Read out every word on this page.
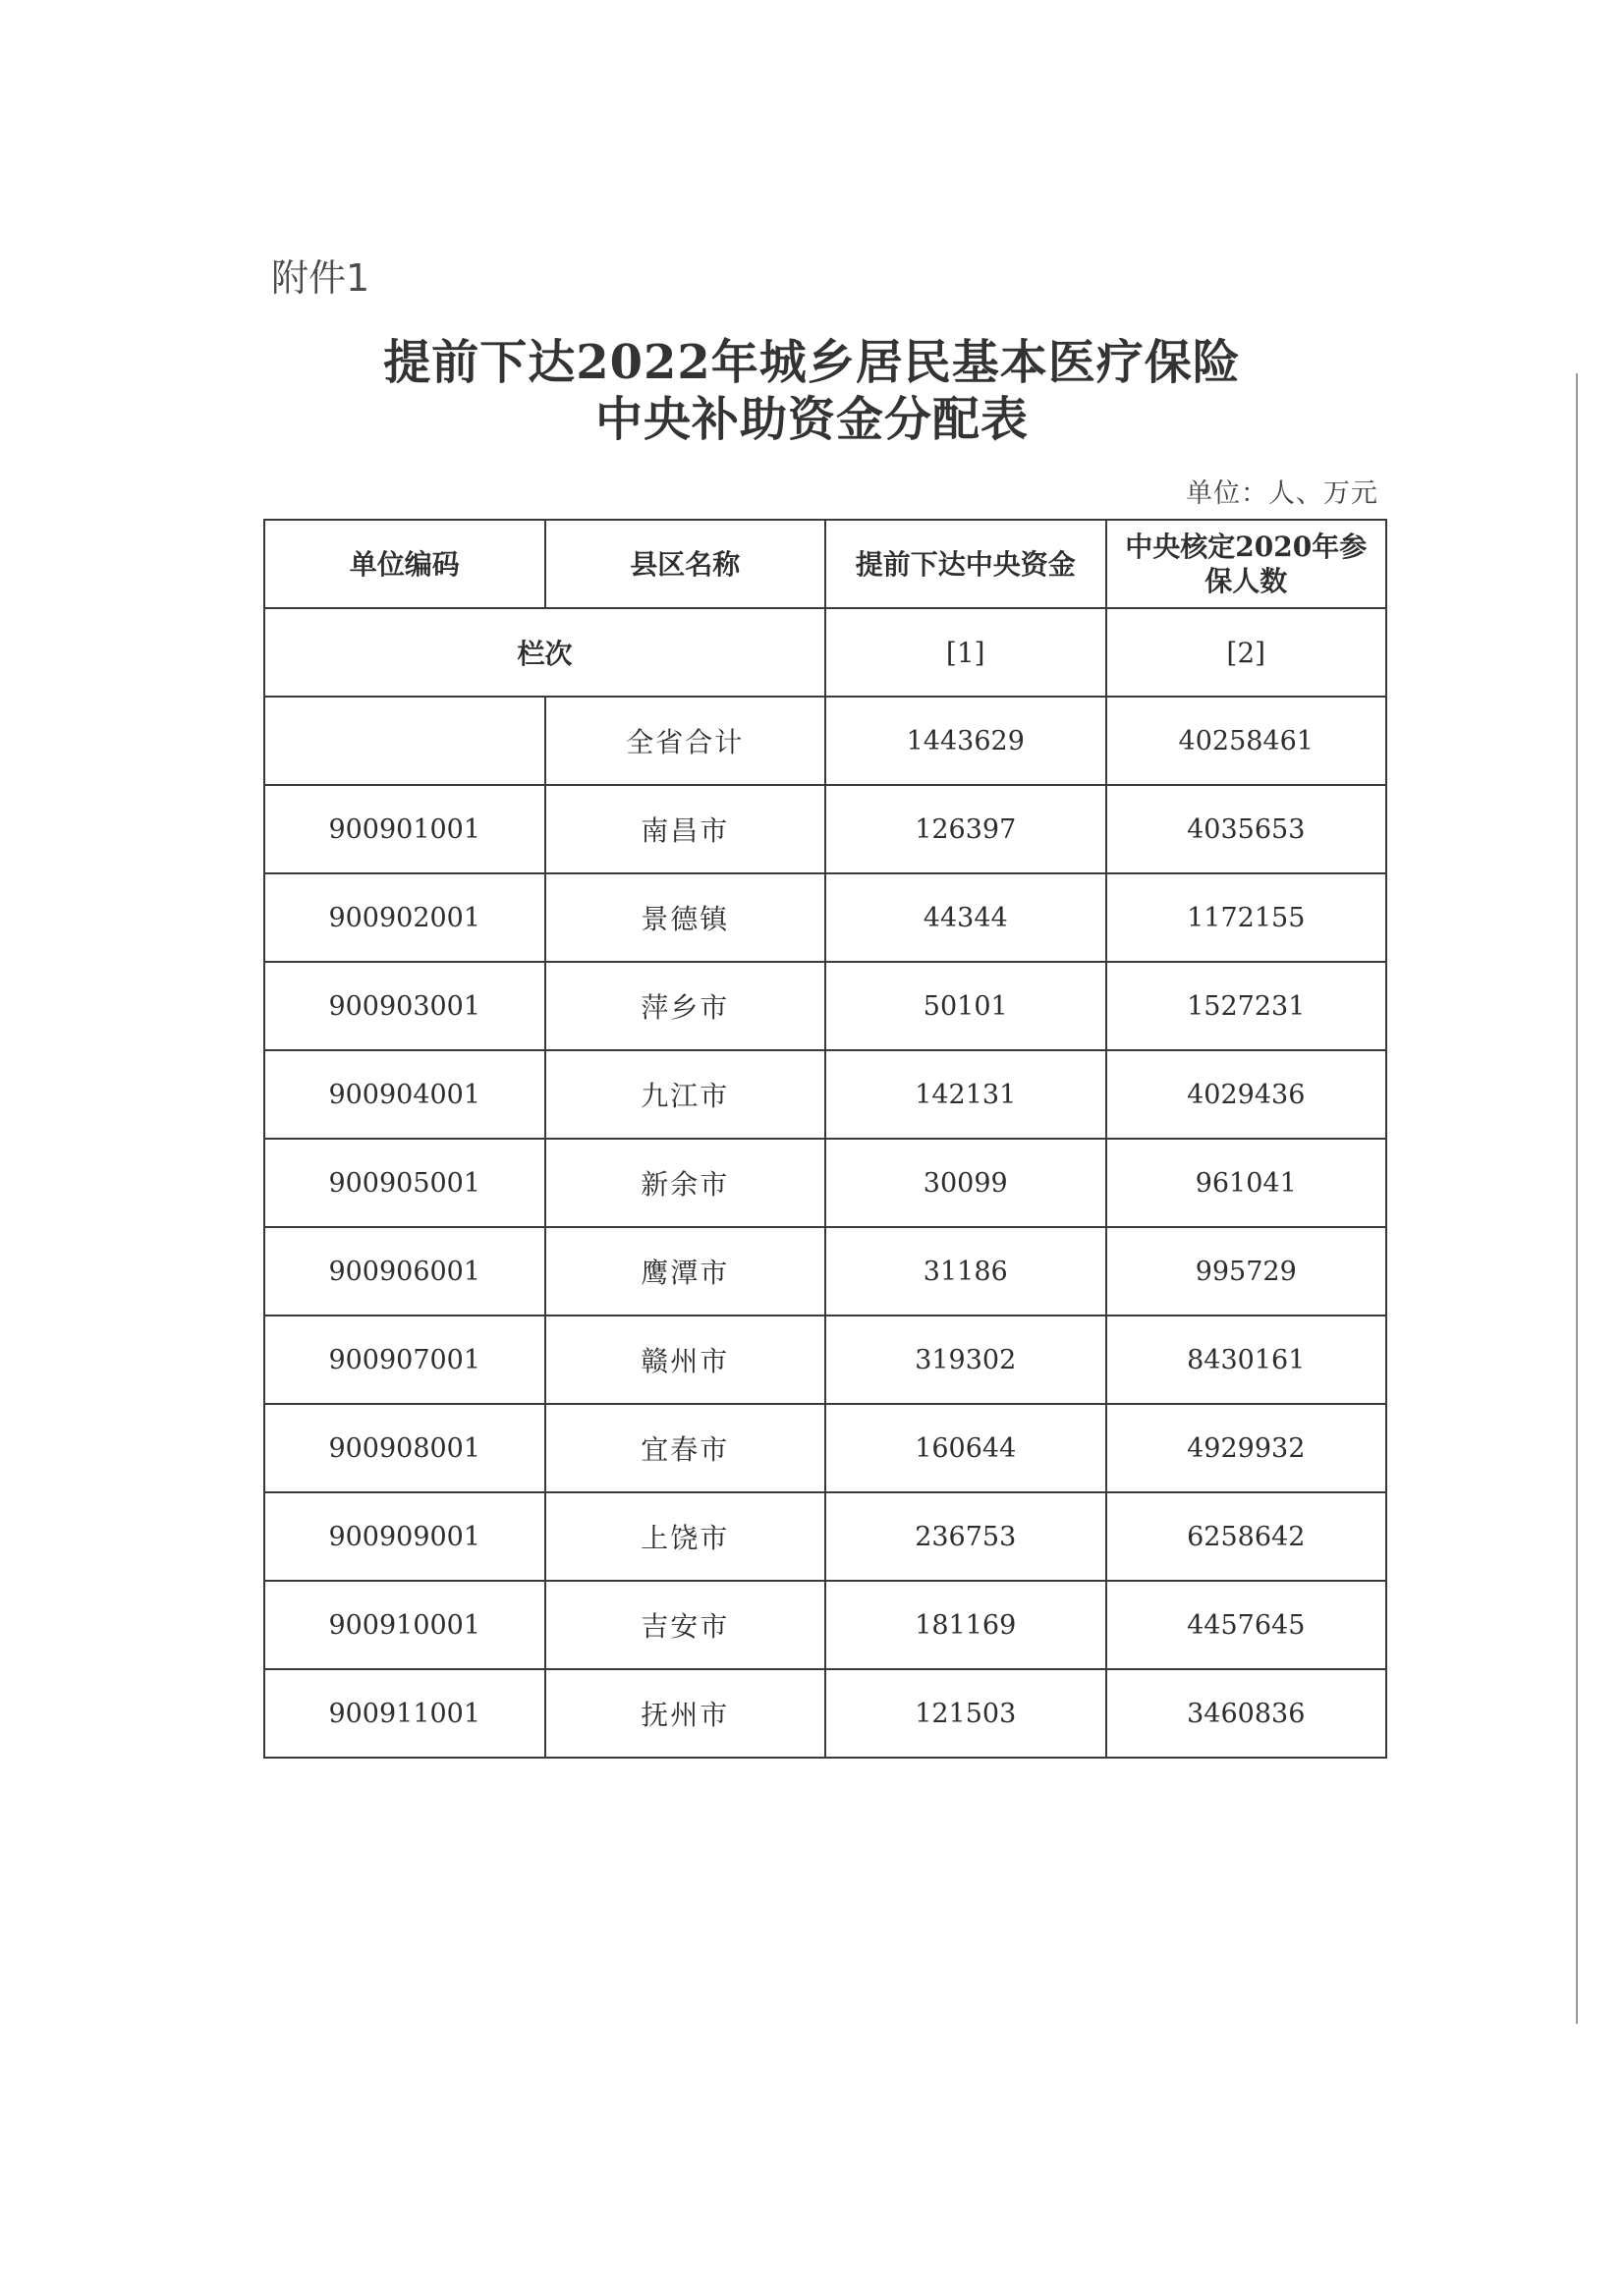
附件1
提前下达2022年城乡居民基本医疗保险
中央补助资金分配表
单位：人、万元
单位编码	县区名称	提前下达中央资金	中央核定2020年参保人数
栏次		[1]	[2]
	全省合计	1443629	40258461
900901001	南昌市	126397	4035653
900902001	景德镇	44344	1172155
900903001	萍乡市	50101	1527231
900904001	九江市	142131	4029436
900905001	新余市	30099	961041
900906001	鹰潭市	31186	995729
900907001	赣州市	319302	8430161
900908001	宜春市	160644	4929932
900909001	上饶市	236753	6258642
900910001	吉安市	181169	4457645
900911001	抚州市	121503	3460836
